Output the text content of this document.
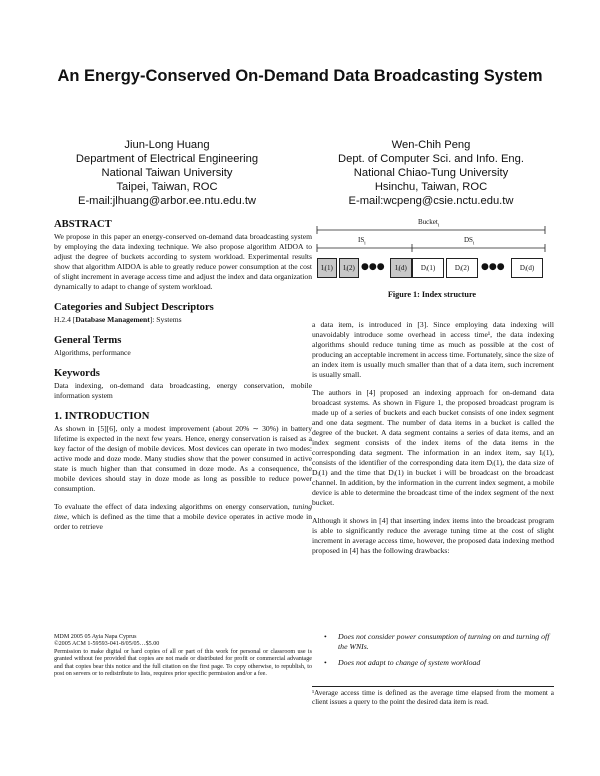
An Energy-Conserved On-Demand Data Broadcasting System
Jiun-Long Huang
Department of Electrical Engineering
National Taiwan University
Taipei, Taiwan, ROC
E-mail:jlhuang@arbor.ee.ntu.edu.tw
Wen-Chih Peng
Dept. of Computer Sci. and Info. Eng.
National Chiao-Tung University
Hsinchu, Taiwan, ROC
E-mail:wcpeng@csie.nctu.edu.tw
ABSTRACT

We propose in this paper an energy-conserved on-demand data broadcasting system by employing the data indexing technique. We also propose algorithm AIDOA to adjust the degree of buckets according to system workload. Experimental results show that algorithm AIDOA is able to greatly reduce power consumption at the cost of slight increment in average access time and adjust the index and data organization dynamically to adapt to change of system workload.

Categories and Subject Descriptors

H.2.4 [Database Management]: Systems

General Terms

Algorithms, performance

Keywords

Data indexing, on-demand data broadcasting, energy conservation, mobile information system

1. INTRODUCTION

As shown in [5][6], only a modest improvement (about 20% ∼ 30%) in battery lifetime is expected in the next few years. Hence, energy conservation is raised as a key factor of the design of mobile devices. Most devices can operate in two modes: active mode and doze mode. Many studies show that the power consumed in active state is much higher than that consumed in doze mode. As a consequence, the mobile devices should stay in doze mode as long as possible to reduce power consumption.

To evaluate the effect of data indexing algorithms on energy conservation, tuning time, which is defined as the time that a mobile device operates in active mode in order to retrieve

MDM 2005 05 Ayia Napa Cyprus
©2005 ACM 1-59593-041-8/05/05…$5.00
Permission to make digital or hard copies of all or part of this work for personal or classroom use is granted without fee provided that copies are not made or distributed for profit or commercial advantage and that copies bear this notice and the full citation on the first page. To copy otherwise, to republish, to post on servers or to redistribute to lists, requires prior specific permission and/or a fee.
Bucket$_i$
$IS_i$	$DS_i$
Iᵢ(1)	Iᵢ(2) ●●●	Iᵢ(d)	Dᵢ(1)	Dᵢ(2)	●●●	Dᵢ(d)
Figure 1: Index structure

a data item, is introduced in [3]. Since employing data indexing will unavoidably introduce some overhead in access time¹, the data indexing algorithms should reduce tuning time as much as possible at the cost of producing an acceptable increment in access time. Fortunately, since the size of an index item is usually much smaller than that of a data item, such increment is usually small.

The authors in [4] proposed an indexing approach for on-demand data broadcast systems. As shown in Figure 1, the proposed broadcast program is made up of a series of buckets and each bucket consists of one index segment and one data segment. The number of data items in a bucket is called the degree of the bucket. A data segment contains a series of data items, and an index segment consists of the index items of the data items in the corresponding data segment. The information in an index item, say Iᵢ(1), consists of the identifier of the corresponding data item Dᵢ(1), the data size of Dᵢ(1) and the time that Dᵢ(1) in bucket i will be broadcast on the broadcast channel. In addition, by the information in the current index segment, a mobile device is able to determine the broadcast time of the index segment of the next bucket.

Although it shows in [4] that inserting index items into the broadcast program is able to significantly reduce the average tuning time at the cost of slight increment in average access time, however, the proposed data indexing method proposed in [4] has the following drawbacks:

• Does not consider power consumption of turning on and turning off the WNIs.
• Does not adapt to change of system workload
¹Average access time is defined as the average time elapsed from the moment a client issues a query to the point the desired data item is read.
